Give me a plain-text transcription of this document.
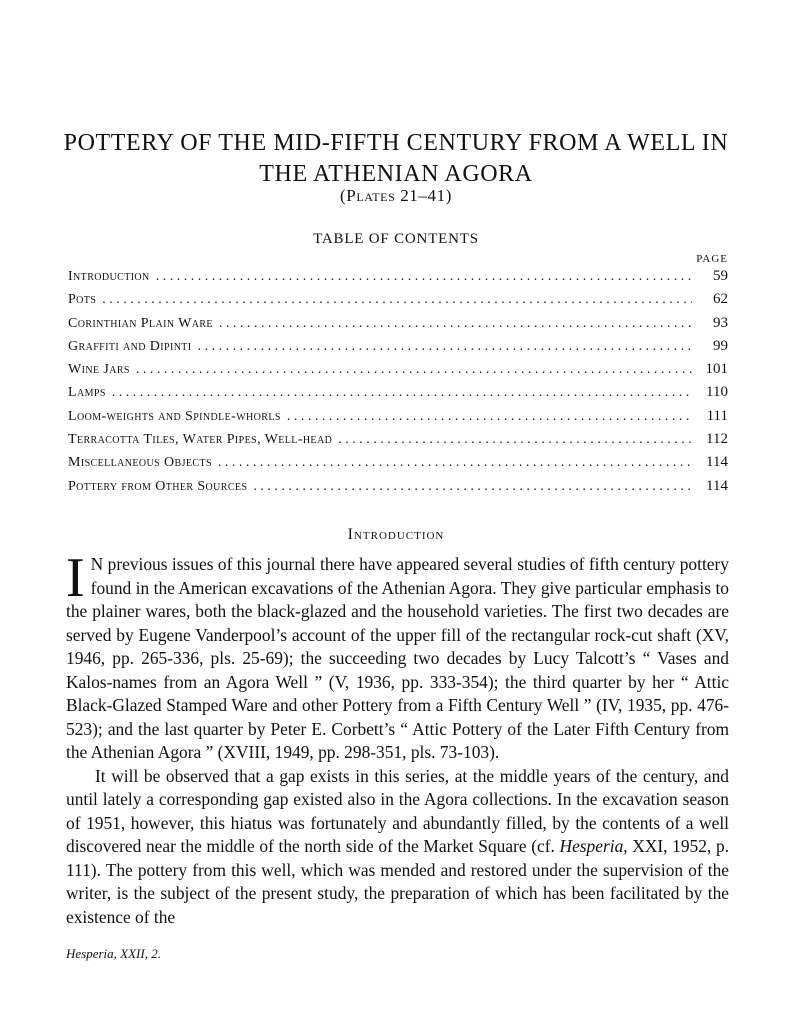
POTTERY OF THE MID-FIFTH CENTURY FROM A WELL IN THE ATHENIAN AGORA
(Plates 21–41)
TABLE OF CONTENTS
PAGE
Introduction . . .	59
Pots . . .	62
Corinthian Plain Ware . . .	93
Graffiti and Dipinti . . .	99
Wine Jars . . .	101
Lamps . . .	110
Loom-weights and Spindle-whorls . . .	111
Terracotta Tiles, Water Pipes, Well-head . . .	112
Miscellaneous Objects . . .	114
Pottery from Other Sources . . .	114
Introduction

I N previous issues of this journal there have appeared several studies of fifth century pottery found in the American excavations of the Athenian Agora. They give particular emphasis to the plainer wares, both the black-glazed and the household varieties. The first two decades are served by Eugene Vanderpool’s account of the upper fill of the rectangular rock-cut shaft (XV, 1946, pp. 265-336, pls. 25-69); the succeeding two decades by Lucy Talcott’s “ Vases and Kalos-names from an Agora Well ” (V, 1936, pp. 333-354); the third quarter by her “ Attic Black-Glazed Stamped Ware and other Pottery from a Fifth Century Well ” (IV, 1935, pp. 476-523); and the last quarter by Peter E. Corbett’s “ Attic Pottery of the Later Fifth Century from the Athenian Agora ” (XVIII, 1949, pp. 298-351, pls. 73-103).

It will be observed that a gap exists in this series, at the middle years of the century, and until lately a corresponding gap existed also in the Agora collections. In the excavation season of 1951, however, this hiatus was fortunately and abundantly filled, by the contents of a well discovered near the middle of the north side of the Market Square (cf. Hesperia, XXI, 1952, p. 111). The pottery from this well, which was mended and restored under the supervision of the writer, is the subject of the present study, the preparation of which has been facilitated by the existence of the

Hesperia, XXII, 2.
